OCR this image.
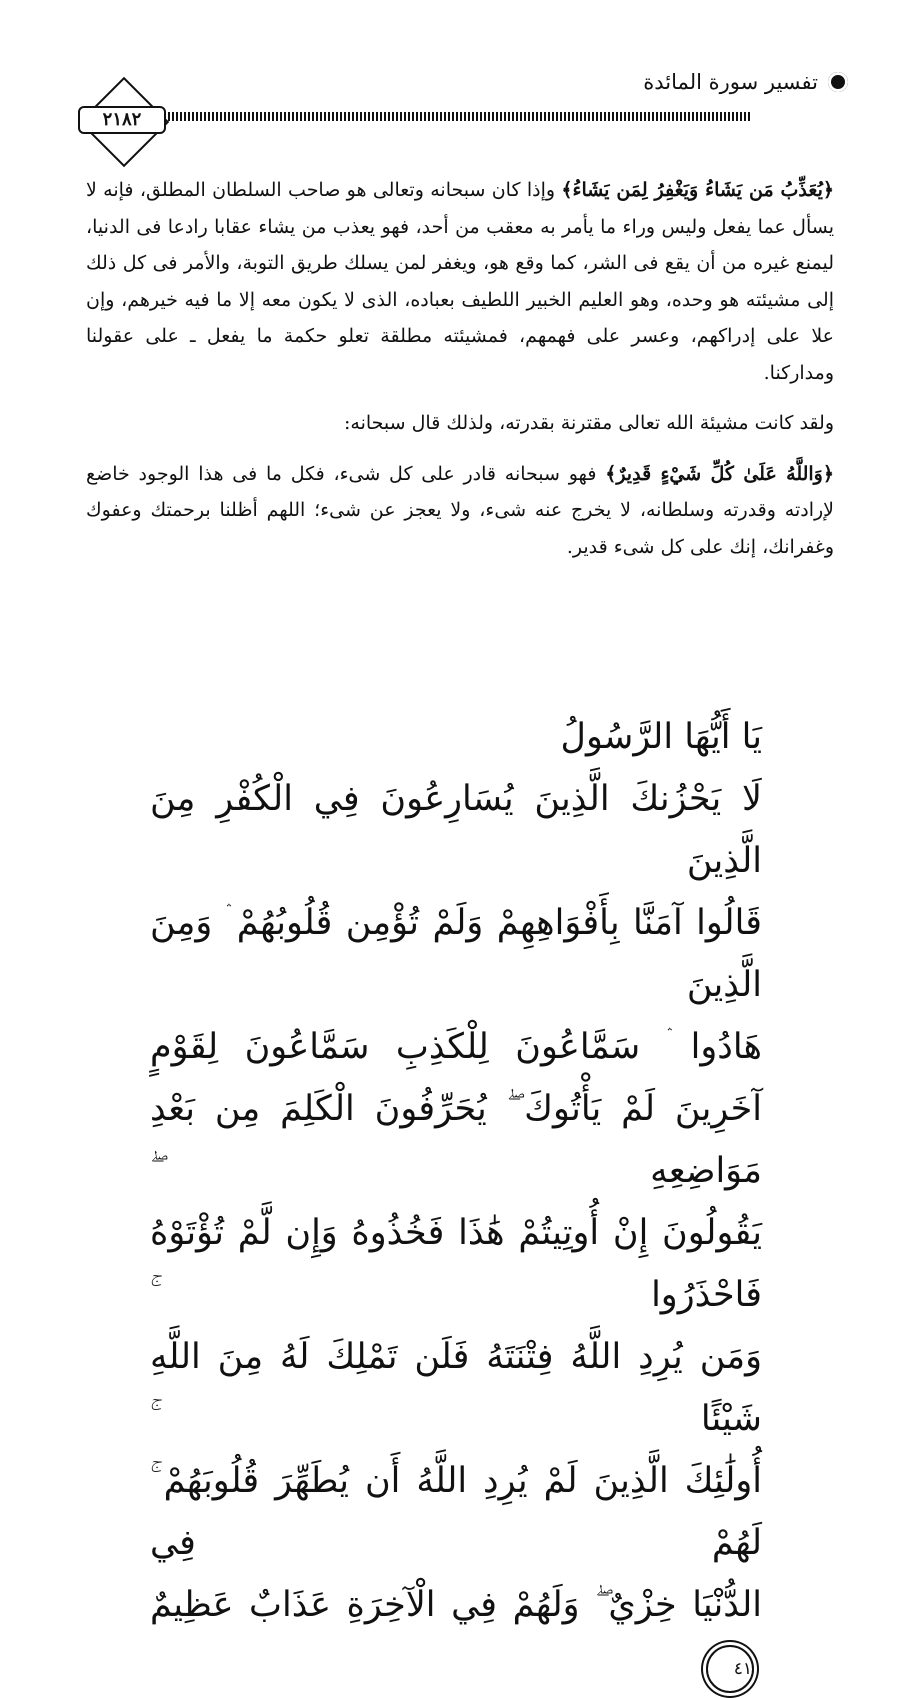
تفسير سورة المائدة
٢١٨٢

﴿يُعَذِّبُ مَن يَشَاءُ وَيَغْفِرُ لِمَن يَشَاءُ﴾ وإذا كان سبحانه وتعالى هو صاحب السلطان المطلق، فإنه لا يسأل عما يفعل وليس وراء ما يأمر به معقب من أحد، فهو يعذب من يشاء عقابا رادعا فى الدنيا، ليمنع غيره من أن يقع فى الشر، كما وقع هو، ويغفر لمن يسلك طريق التوبة، والأمر فى كل ذلك إلى مشيئته هو وحده، وهو العليم الخبير اللطيف بعباده، الذى لا يكون معه إلا ما فيه خيرهم، وإن علا على إدراكهم، وعسر على فهمهم، فمشيئته مطلقة تعلو حكمة ما يفعل ـ على عقولنا ومداركنا.

ولقد كانت مشيئة الله تعالى مقترنة بقدرته، ولذلك قال سبحانه:

﴿وَاللَّهُ عَلَىٰ كُلِّ شَيْءٍ قَدِيرٌ﴾ فهو سبحانه قادر على كل شىء، فكل ما فى هذا الوجود خاضع لإرادته وقدرته وسلطانه، لا يخرج عنه شىء، ولا يعجز عن شىء؛ اللهم أظلنا برحمتك وعفوك وغفرانك، إنك على كل شىء قدير.

يَا أَيُّهَا الرَّسُولُ
لَا يَحْزُنكَ الَّذِينَ يُسَارِعُونَ فِي الْكُفْرِ مِنَ الَّذِينَ
قَالُوا آمَنَّا بِأَفْوَاهِهِمْ وَلَمْ تُؤْمِن قُلُوبُهُمْ ۛ وَمِنَ الَّذِينَ
هَادُوا ۛ سَمَّاعُونَ لِلْكَذِبِ سَمَّاعُونَ لِقَوْمٍ
آخَرِينَ لَمْ يَأْتُوكَ ۖ يُحَرِّفُونَ الْكَلِمَ مِن بَعْدِ مَوَاضِعِهِ ۖ
يَقُولُونَ إِنْ أُوتِيتُمْ هَٰذَا فَخُذُوهُ وَإِن لَّمْ تُؤْتَوْهُ فَاحْذَرُوا ۚ
وَمَن يُرِدِ اللَّهُ فِتْنَتَهُ فَلَن تَمْلِكَ لَهُ مِنَ اللَّهِ شَيْئًا ۚ
أُولَٰئِكَ الَّذِينَ لَمْ يُرِدِ اللَّهُ أَن يُطَهِّرَ قُلُوبَهُمْ ۚ لَهُمْ فِي
الدُّنْيَا خِزْيٌ ۖ وَلَهُمْ فِي الْآخِرَةِ عَذَابٌ عَظِيمٌ٤١
